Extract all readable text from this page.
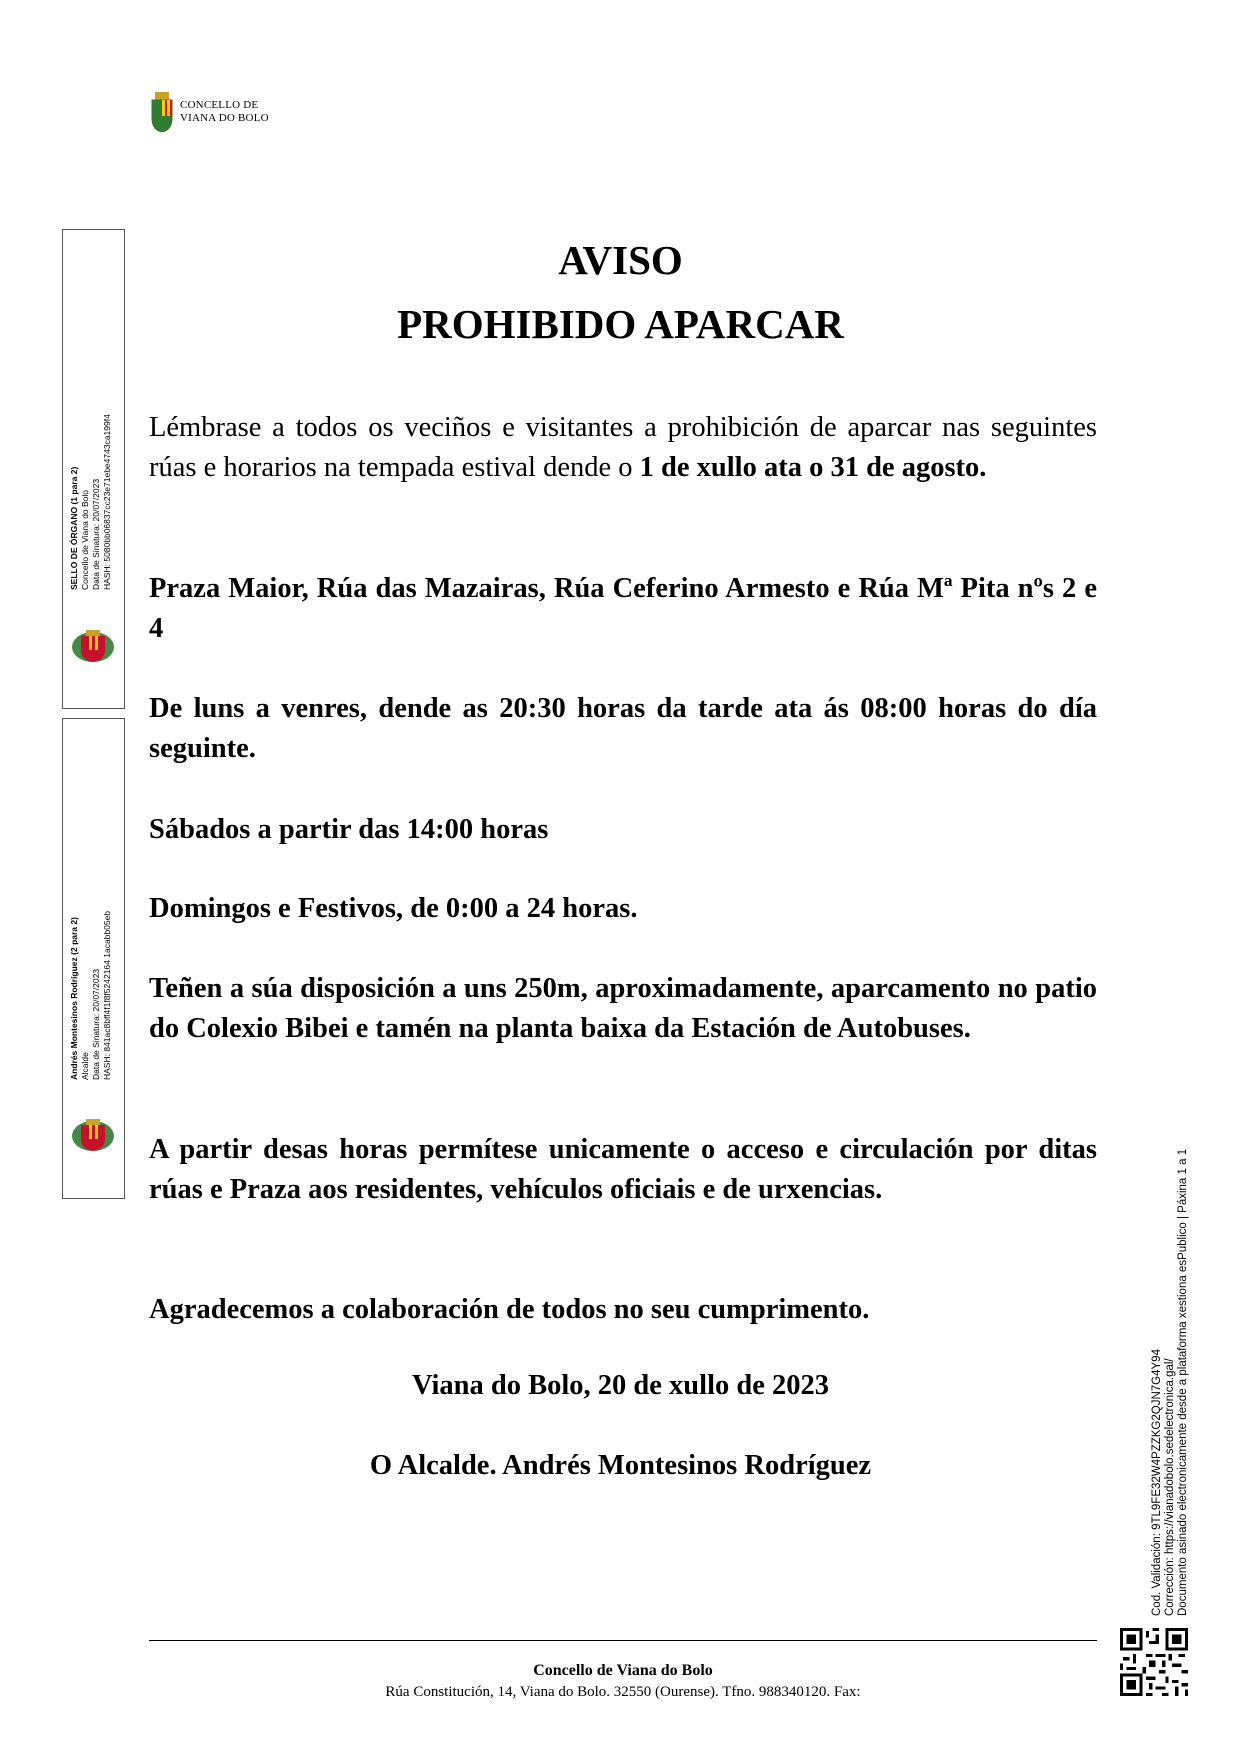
CONCELLO DE
VIANA DO BOLO
SELLO DE ÓRGANO (1 para 2) Concello de Viana do Bolo Data de Sinatura: 20/07/2023 HASH: 5080bb06837cc23e71ebe4743ca199f4
Andrés Montesinos Rodríguez (2 para 2) Alcalde Data de Sinatura: 20/07/2023 HASH: 841ac8bff4f1f8f5242164 1acabb05eb
AVISO
PROHIBIDO APARCAR
Lémbrase a todos os veciños e visitantes a prohibición de aparcar nas seguintes rúas e horarios na tempada estival dende o 1 de xullo ata o 31 de agosto.
Praza Maior, Rúa das Mazairas, Rúa Ceferino Armesto e Rúa Mª Pita nºs 2 e 4
De luns a venres, dende as 20:30 horas da tarde ata ás 08:00 horas do día seguinte.
Sábados a partir das 14:00 horas
Domingos e Festivos, de 0:00 a 24 horas.
Teñen a súa disposición a uns 250m, aproximadamente, aparcamento no patio do Colexio Bibei e tamén na planta baixa da Estación de Autobuses.
A partir desas horas permítese unicamente o acceso e circulación por ditas rúas e Praza aos residentes, vehículos oficiais e de urxencias.
Agradecemos a colaboración de todos no seu cumprimento.
Viana do Bolo, 20 de xullo de 2023
O Alcalde. Andrés Montesinos Rodríguez
Concello de Viana do Bolo
Rúa Constitución, 14, Viana do Bolo. 32550 (Ourense). Tfno. 988340120. Fax:
Cod. Validación: 9TL9FE32W4PZZKG2QJN7G4Y94 Corrección: https://vianadobolo.sedelectronica.gal/ Documento asinado electronicamente desde a plataforma xestiona esPublico | Páxina 1 a 1
